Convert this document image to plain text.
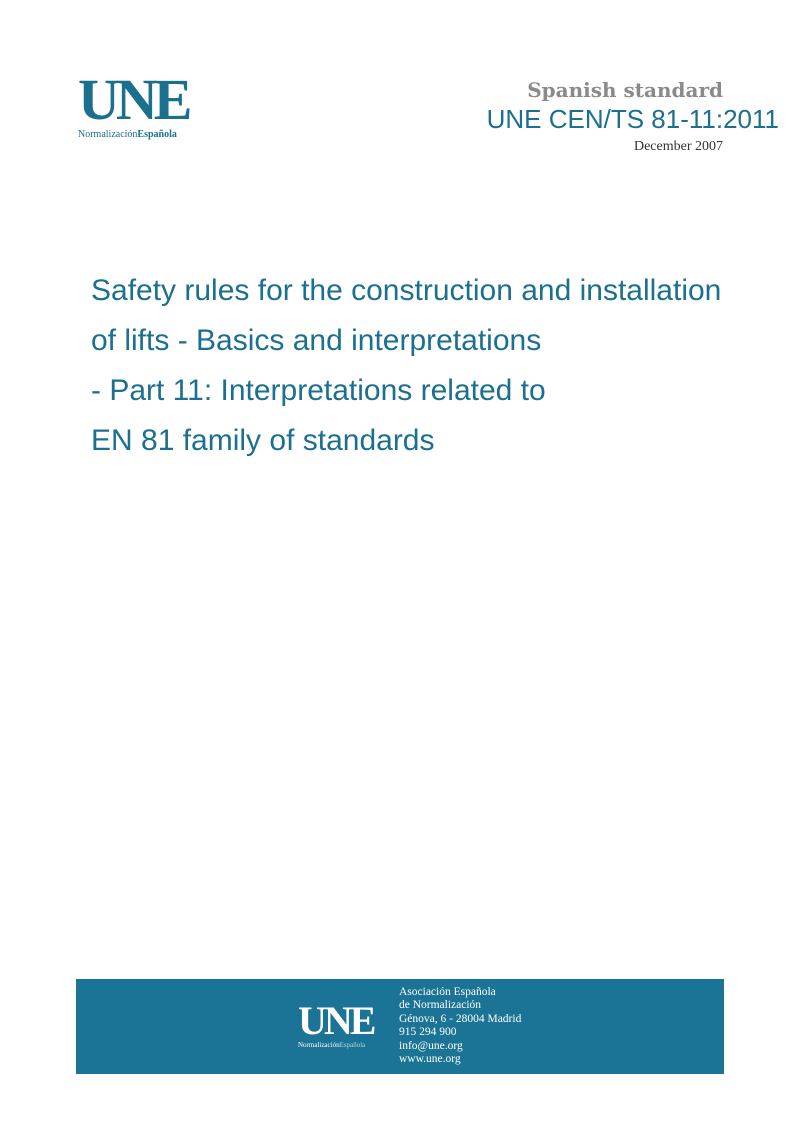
UNE
NormalizaciónEspañola
Spanish standard
UNE CEN/TS 81-11:2011
December 2007
Safety rules for the construction and installation
of lifts - Basics and interpretations
- Part 11: Interpretations related to
EN 81 family of standards
UNE
NormalizaciónEspañola
Asociación Española
de Normalización
Génova, 6 - 28004 Madrid
915 294 900
info@une.org
www.une.org
